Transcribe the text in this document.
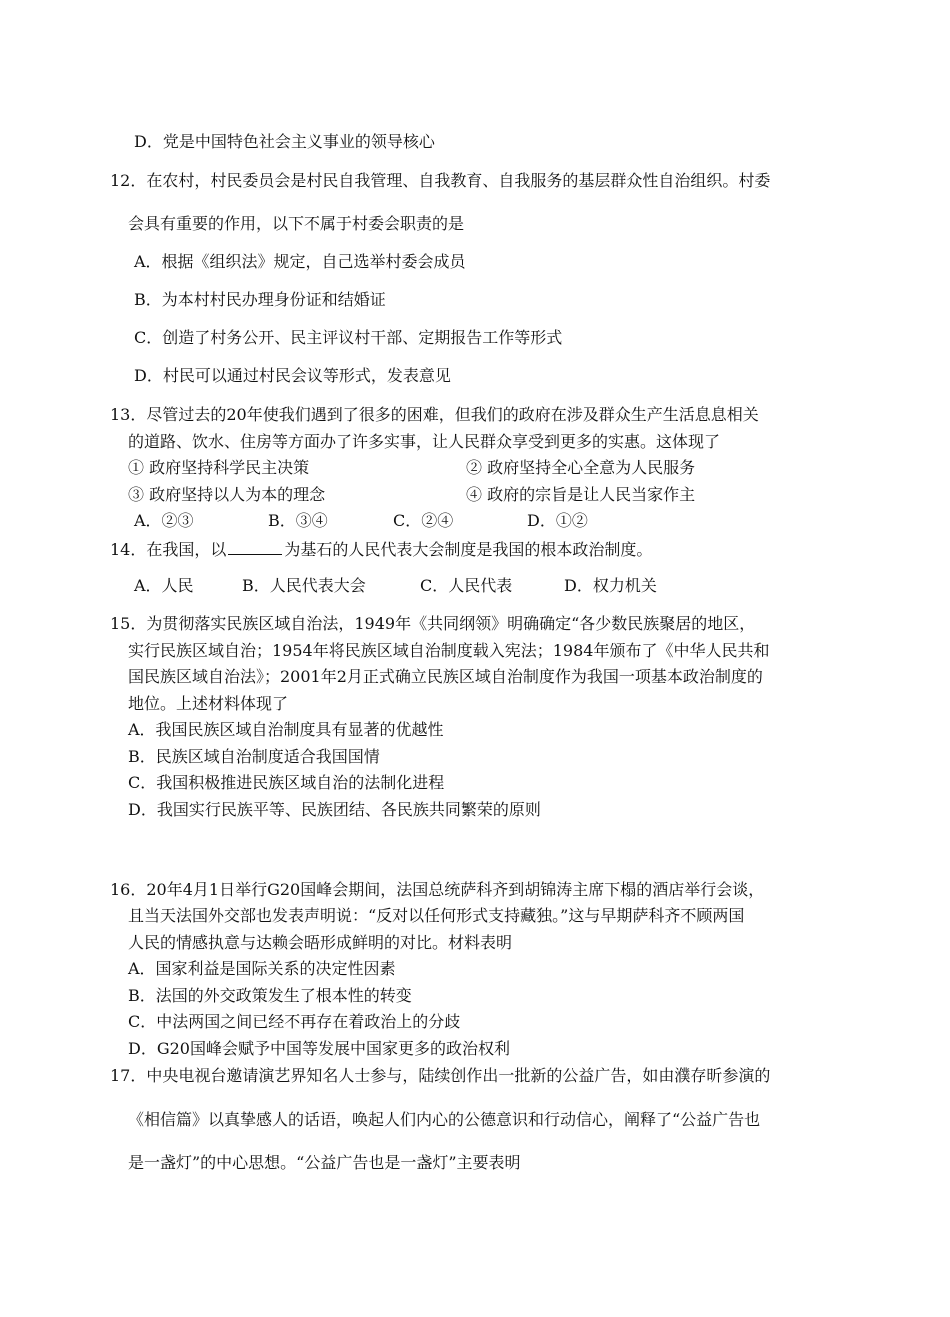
D．党是中国特色社会主义事业的领导核心
12．在农村，村民委员会是村民自我管理、自我教育、自我服务的基层群众性自治组织。村委
会具有重要的作用，以下不属于村委会职责的是
A．根据《组织法》规定，自己选举村委会成员
B．为本村村民办理身份证和结婚证
C．创造了村务公开、民主评议村干部、定期报告工作等形式
D．村民可以通过村民会议等形式，发表意见
13．尽管过去的20年使我们遇到了很多的困难，但我们的政府在涉及群众生产生活息息相关
的道路、饮水、住房等方面办了许多实事，让人民群众享受到更多的实惠。这体现了
① 政府坚持科学民主决策	② 政府坚持全心全意为人民服务
③ 政府坚持以人为本的理念	④ 政府的宗旨是让人民当家作主
A．②③	B．③④	C．②④	D．①②
14．在我国，以	为基石的人民代表大会制度是我国的根本政治制度。
A．人民	B．人民代表大会	C．人民代表	D．权力机关
15．为贯彻落实民族区域自治法，1949年《共同纲领》明确确定“各少数民族聚居的地区，
实行民族区域自治；1954年将民族区域自治制度载入宪法；1984年颁布了《中华人民共和
国民族区域自治法》；2001年2月正式确立民族区域自治制度作为我国一项基本政治制度的
地位。上述材料体现了
A．我国民族区域自治制度具有显著的优越性
B．民族区域自治制度适合我国国情
C．我国积极推进民族区域自治的法制化进程
D．我国实行民族平等、民族团结、各民族共同繁荣的原则
16．20年4月1日举行G20国峰会期间，法国总统萨科齐到胡锦涛主席下榻的酒店举行会谈，
且当天法国外交部也发表声明说：“反对以任何形式支持藏独。”这与早期萨科齐不顾两国
人民的情感执意与达赖会晤形成鲜明的对比。材料表明
A．国家利益是国际关系的决定性因素
B．法国的外交政策发生了根本性的转变
C．中法两国之间已经不再存在着政治上的分歧
D．G20国峰会赋予中国等发展中国家更多的政治权利
17．中央电视台邀请演艺界知名人士参与，陆续创作出一批新的公益广告，如由濮存昕参演的
《相信篇》以真挚感人的话语，唤起人们内心的公德意识和行动信心，阐释了“公益广告也
是一盏灯”的中心思想。“公益广告也是一盏灯”主要表明
